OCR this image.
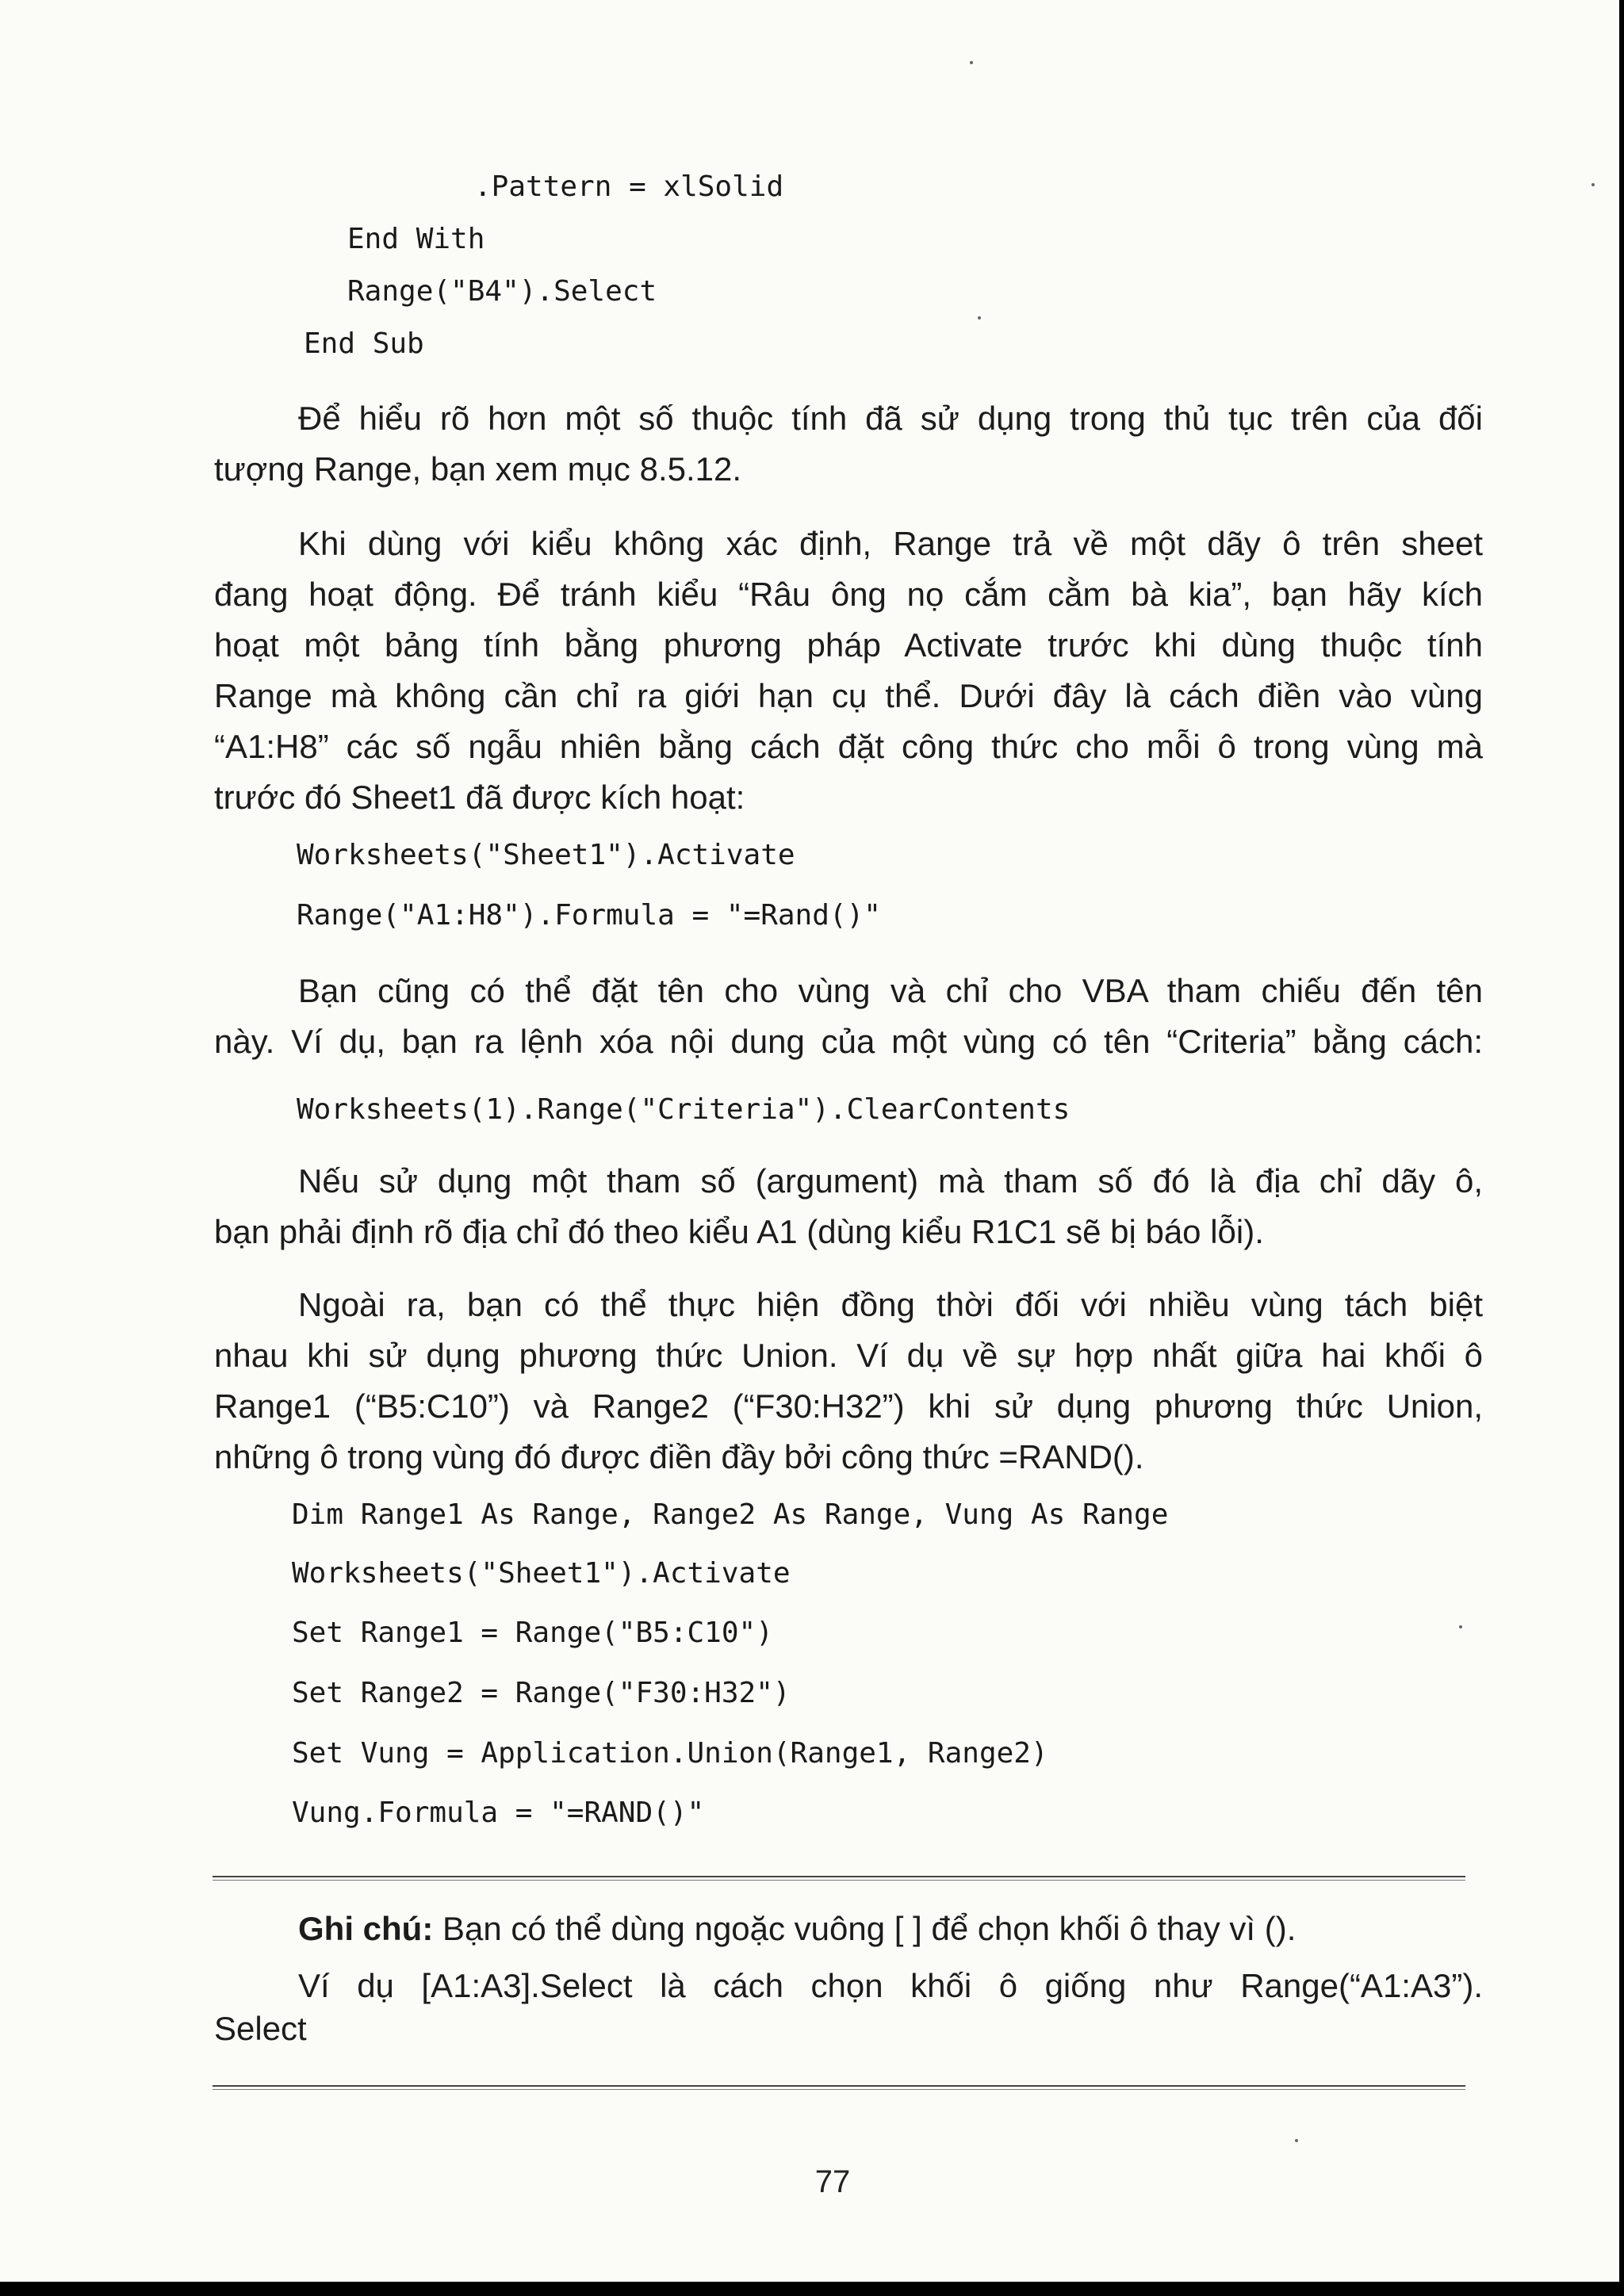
.Pattern = xlSolid
End With
Range("B4").Select
End Sub
Để hiểu rõ hơn một số thuộc tính đã sử dụng trong thủ tục trên của đối
tượng Range, bạn xem mục 8.5.12.
Khi dùng với kiểu không xác định, Range trả về một dãy ô trên sheet
đang hoạt động. Để tránh kiểu “Râu ông nọ cắm cằm bà kia”, bạn hãy kích
hoạt một bảng tính bằng phương pháp Activate trước khi dùng thuộc tính
Range mà không cần chỉ ra giới hạn cụ thể. Dưới đây là cách điền vào vùng
“A1:H8” các số ngẫu nhiên bằng cách đặt công thức cho mỗi ô trong vùng mà
trước đó Sheet1 đã được kích hoạt:
Worksheets("Sheet1").Activate
Range("A1:H8").Formula = "=Rand()"
Bạn cũng có thể đặt tên cho vùng và chỉ cho VBA tham chiếu đến tên
này. Ví dụ, bạn ra lệnh xóa nội dung của một vùng có tên “Criteria” bằng cách:
Worksheets(1).Range("Criteria").ClearContents
Nếu sử dụng một tham số (argument) mà tham số đó là địa chỉ dãy ô,
bạn phải định rõ địa chỉ đó theo kiểu A1 (dùng kiểu R1C1 sẽ bị báo lỗi).
Ngoài ra, bạn có thể thực hiện đồng thời đối với nhiều vùng tách biệt
nhau khi sử dụng phương thức Union. Ví dụ về sự hợp nhất giữa hai khối ô
Range1 (“B5:C10”) và Range2 (“F30:H32”) khi sử dụng phương thức Union,
những ô trong vùng đó được điền đầy bởi công thức =RAND().
Dim Range1 As Range, Range2 As Range, Vung As Range
Worksheets("Sheet1").Activate
Set Range1 = Range("B5:C10")
Set Range2 = Range("F30:H32")
Set Vung = Application.Union(Range1, Range2)
Vung.Formula = "=RAND()"
Ghi chú: Bạn có thể dùng ngoặc vuông [ ] để chọn khối ô thay vì ().
Ví dụ [A1:A3].Select là cách chọn khối ô giống như Range(“A1:A3”).
Select
77
